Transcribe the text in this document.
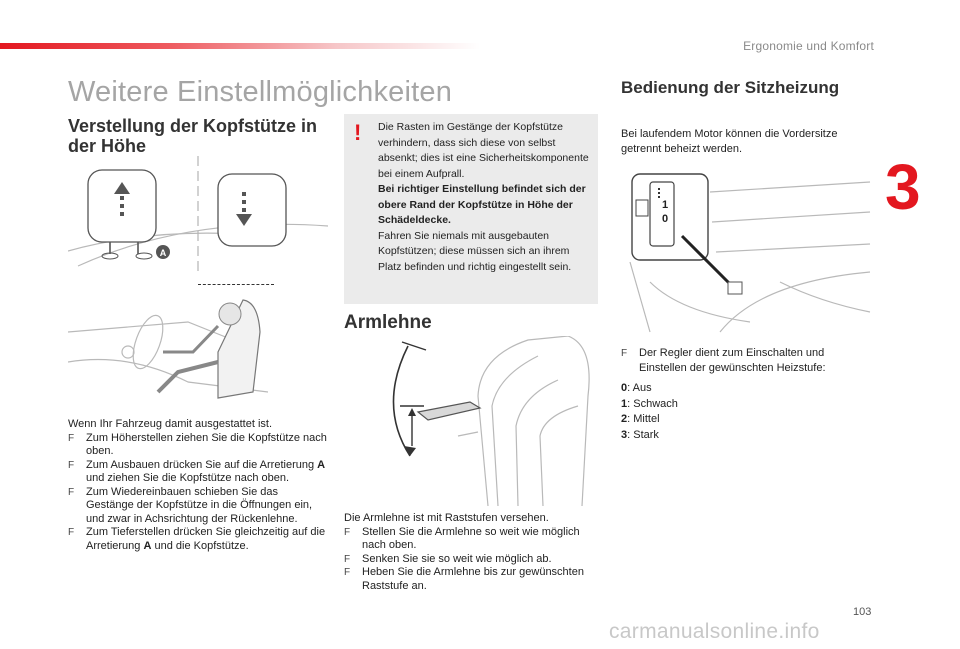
Ergonomie und Komfort
3
Weitere Einstellmöglichkeiten
Verstellung der Kopfstütze in der Höhe
A
Wenn Ihr Fahrzeug damit ausgestattet ist.
F Zum Höherstellen ziehen Sie die Kopfstütze nach oben.
F Zum Ausbauen drücken Sie auf die Arretierung A und ziehen Sie die Kopfstütze nach oben.
F Zum Wiedereinbauen schieben Sie das Gestänge der Kopfstütze in die Öffnungen ein, und zwar in Achsrichtung der Rückenlehne.
F Zum Tieferstellen drücken Sie gleichzeitig auf die Arretierung A und die Kopfstütze.
! Die Rasten im Gestänge der Kopfstütze verhindern, dass sich diese von selbst absenkt; dies ist eine Sicherheitskomponente bei einem Aufprall.
Bei richtiger Einstellung befindet sich der obere Rand der Kopfstütze in Höhe der Schädeldecke.
Fahren Sie niemals mit ausgebauten Kopfstützen; diese müssen sich an ihrem Platz befinden und richtig eingestellt sein.
Armlehne
Die Armlehne ist mit Raststufen versehen.
F Stellen Sie die Armlehne so weit wie möglich nach oben.
F Senken Sie sie so weit wie möglich ab.
F Heben Sie die Armlehne bis zur gewünschten Raststufe an.
Bedienung der Sitzheizung
Bei laufendem Motor können die Vordersitze getrennt beheizt werden.
1
0
F	Der Regler dient zum Einschalten und Einstellen der gewünschten Heizstufe:
0: Aus
1: Schwach
2: Mittel
3: Stark
103
carmanualsonline.info
